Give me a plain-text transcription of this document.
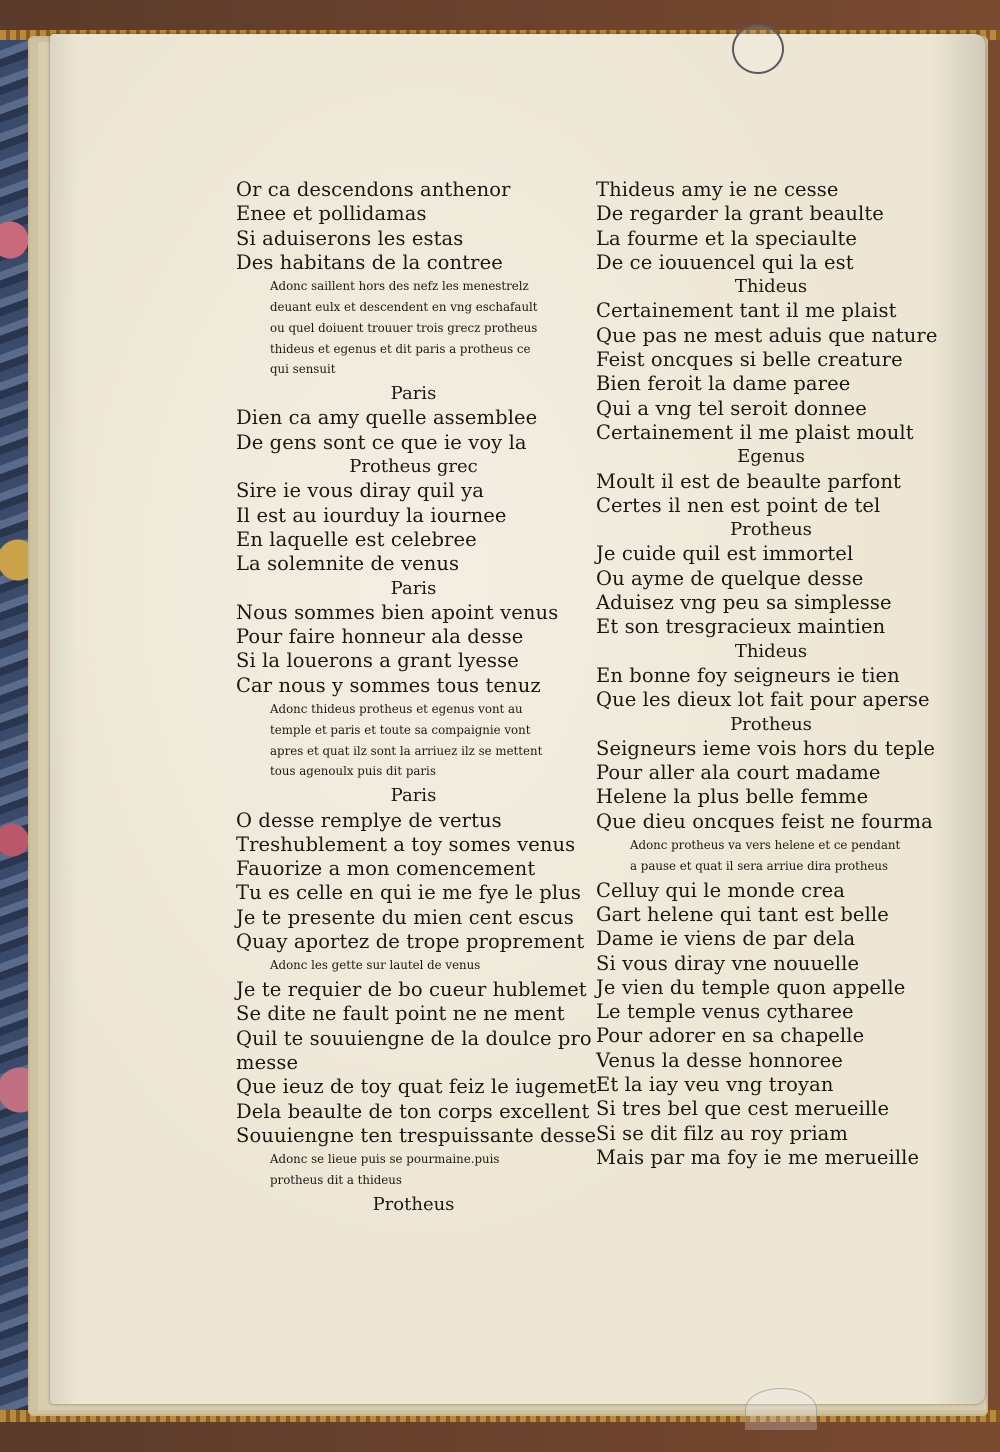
Or ca descendons anthenor

Enee et pollidamas

Si aduiserons les estas

Des habitans de la contree

Adonc saillent hors des nefz les menestrelz
deuant eulx et descendent en vng eschafault
ou quel doiuent trouuer trois grecz protheus
thideus et egenus et dit paris a protheus ce
qui sensuit

Paris

Dien ca amy quelle assemblee

De gens sont ce que ie voy la

Protheus grec

Sire ie vous diray quil ya

Il est au iourduy la iournee

En laquelle est celebree

La solemnite de venus

Paris

Nous sommes bien apoint venus

Pour faire honneur ala desse

Si la louerons a grant lyesse

Car nous y sommes tous tenuz

Adonc thideus protheus et egenus vont au
temple et paris et toute sa compaignie vont
apres et quat ilz sont la arriuez ilz se mettent
tous agenoulx puis dit paris

Paris

O desse remplye de vertus

Treshublement a toy somes venus

Fauorize a mon comencement

Tu es celle en qui ie me fye le plus

Je te presente du mien cent escus

Quay aportez de trope proprement

Adonc les gette sur lautel de venus

Je te requier de bo cueur hublemet

Se dite ne fault point ne ne ment

Quil te souuiengne de la doulce pro

messe

Que ieuz de toy quat feiz le iugemet

Dela beaulte de ton corps excellent

Souuiengne ten trespuissante desse

Adonc se lieue puis se pourmaine.puis
protheus dit a thideus

Protheus

Thideus amy ie ne cesse

De regarder la grant beaulte

La fourme et la speciaulte

De ce iouuencel qui la est

Thideus

Certainement tant il me plaist

Que pas ne mest aduis que nature

Feist oncques si belle creature

Bien feroit la dame paree

Qui a vng tel seroit donnee

Certainement il me plaist moult

Egenus

Moult il est de beaulte parfont

Certes il nen est point de tel

Protheus

Je cuide quil est immortel

Ou ayme de quelque desse

Aduisez vng peu sa simplesse

Et son tresgracieux maintien

Thideus

En bonne foy seigneurs ie tien

Que les dieux lot fait pour aperse

Protheus

Seigneurs ieme vois hors du teple

Pour aller ala court madame

Helene la plus belle femme

Que dieu oncques feist ne fourma

Adonc protheus va vers helene et ce pendant
a pause et quat il sera arriue dira protheus

Celluy qui le monde crea

Gart helene qui tant est belle

Dame ie viens de par dela

Si vous diray vne nouuelle

Je vien du temple quon appelle

Le temple venus cytharee

Pour adorer en sa chapelle

Venus la desse honnoree

Et la iay veu vng troyan

Si tres bel que cest merueille

Si se dit filz au roy priam

Mais par ma foy ie me merueille
